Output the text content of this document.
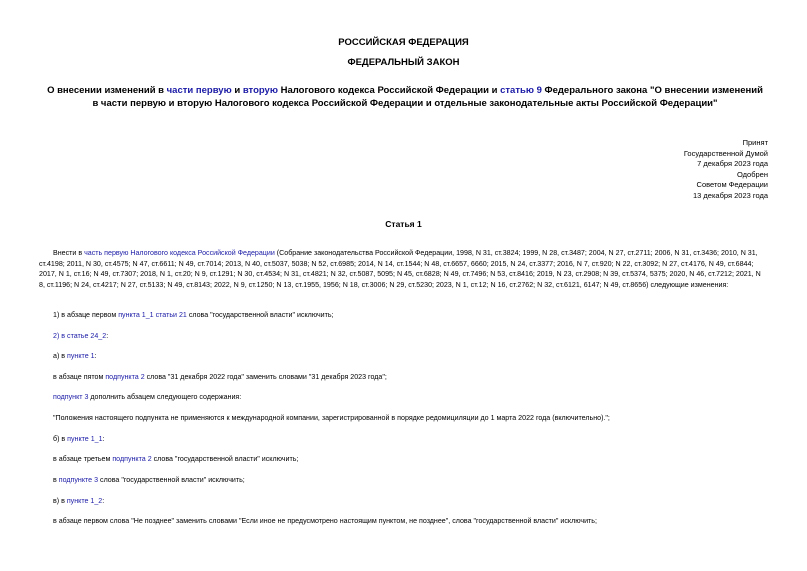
РОССИЙСКАЯ ФЕДЕРАЦИЯ
ФЕДЕРАЛЬНЫЙ ЗАКОН
О внесении изменений в части первую и вторую Налогового кодекса Российской Федерации и статью 9 Федерального закона "О внесении изменений в части первую и вторую Налогового кодекса Российской Федерации и отдельные законодательные акты Российской Федерации"
Принят
Государственной Думой
7 декабря 2023 года
Одобрен
Советом Федерации
13 декабря 2023 года
Статья 1
Внести в часть первую Налогового кодекса Российской Федерации (Собрание законодательства Российской Федерации, 1998, N 31, ст.3824; 1999, N 28, ст.3487; 2004, N 27, ст.2711; 2006, N 31, ст.3436; 2010, N 31, ст.4198; 2011, N 30, ст.4575; N 47, ст.6611; N 49, ст.7014; 2013, N 40, ст.5037, 5038; N 52, ст.6985; 2014, N 14, ст.1544; N 48, ст.6657, 6660; 2015, N 24, ст.3377; 2016, N 7, ст.920; N 22, ст.3092; N 27, ст.4176, N 49, ст.6844; 2017, N 1, ст.16; N 49, ст.7307; 2018, N 1, ст.20; N 9, ст.1291; N 30, ст.4534; N 31, ст.4821; N 32, ст.5087, 5095; N 45, ст.6828; N 49, ст.7496; N 53, ст.8416; 2019, N 23, ст.2908; N 39, ст.5374, 5375; 2020, N 46, ст.7212; 2021, N 8, ст.1196; N 24, ст.4217; N 27, ст.5133; N 49, ст.8143; 2022, N 9, ст.1250; N 13, ст.1955, 1956; N 18, ст.3006; N 29, ст.5230; 2023, N 1, ст.12; N 16, ст.2762; N 32, ст.6121, 6147; N 49, ст.8656) следующие изменения:
1) в абзаце первом пункта 1_1 статьи 21 слова "государственной власти" исключить;
2) в статье 24_2:
а) в пункте 1:
в абзаце пятом подпункта 2 слова "31 декабря 2022 года" заменить словами "31 декабря 2023 года";
подпункт 3 дополнить абзацем следующего содержания:
"Положения настоящего подпункта не применяются к международной компании, зарегистрированной в порядке редомициляции до 1 марта 2022 года (включительно).";
б) в пункте 1_1:
в абзаце третьем подпункта 2 слова "государственной власти" исключить;
в подпункте 3 слова "государственной власти" исключить;
в) в пункте 1_2:
в абзаце первом слова "Не позднее" заменить словами "Если иное не предусмотрено настоящим пунктом, не позднее", слова "государственной власти" исключить;
